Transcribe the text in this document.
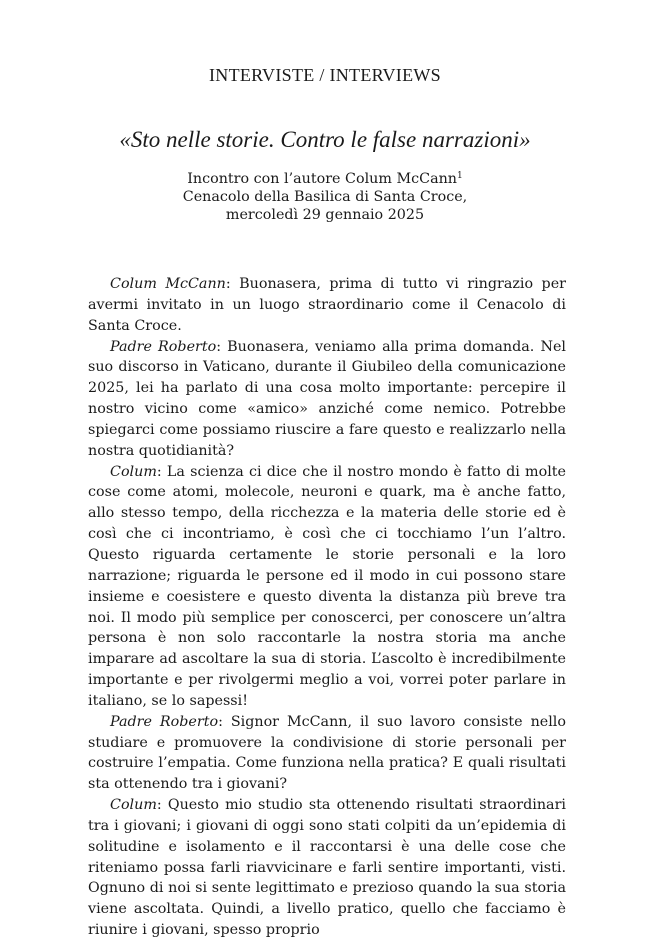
INTERVISTE / INTERVIEWS
«Sto nelle storie. Contro le false narrazioni»
Incontro con l’autore Colum McCann$^1$
Cenacolo della Basilica di Santa Croce,
mercoledì 29 gennaio 2025

Colum McCann: Buonasera, prima di tutto vi ringrazio per avermi invitato in un luogo straordinario come il Cenacolo di Santa Croce.

Padre Roberto: Buonasera, veniamo alla prima domanda. Nel suo discorso in Vaticano, durante il Giubileo della comunicazione 2025, lei ha parlato di una cosa molto importante: percepire il nostro vicino come «amico» anziché come nemico. Potrebbe spiegarci come possiamo riuscire a fare questo e realizzarlo nella nostra quotidianità?

Colum: La scienza ci dice che il nostro mondo è fatto di molte cose come atomi, molecole, neuroni e quark, ma è anche fatto, allo stesso tempo, della ricchezza e la materia delle storie ed è così che ci incontriamo, è così che ci tocchiamo l’un l’altro. Questo riguarda certamente le storie personali e la loro narrazione; riguarda le persone ed il modo in cui possono stare insieme e coesistere e questo diventa la distanza più breve tra noi. Il modo più semplice per conoscerci, per conoscere un’altra persona è non solo raccontarle la nostra storia ma anche imparare ad ascoltare la sua di storia. L’ascolto è incredibilmente importante e per rivolgermi meglio a voi, vorrei poter parlare in italiano, se lo sapessi!

Padre Roberto: Signor McCann, il suo lavoro consiste nello studiare e promuovere la condivisione di storie personali per costruire l’empatia. Come funziona nella pratica? E quali risultati sta ottenendo tra i giovani?

Colum: Questo mio studio sta ottenendo risultati straordinari tra i giovani; i giovani di oggi sono stati colpiti da un’epidemia di solitudine e isolamento e il raccontarsi è una delle cose che riteniamo possa farli riavvicinare e farli sentire importanti, visti. Ognuno di noi si sente legittimato e prezioso quando la sua storia viene ascoltata. Quindi, a livello pratico, quello che facciamo è riunire i giovani, spesso proprio
